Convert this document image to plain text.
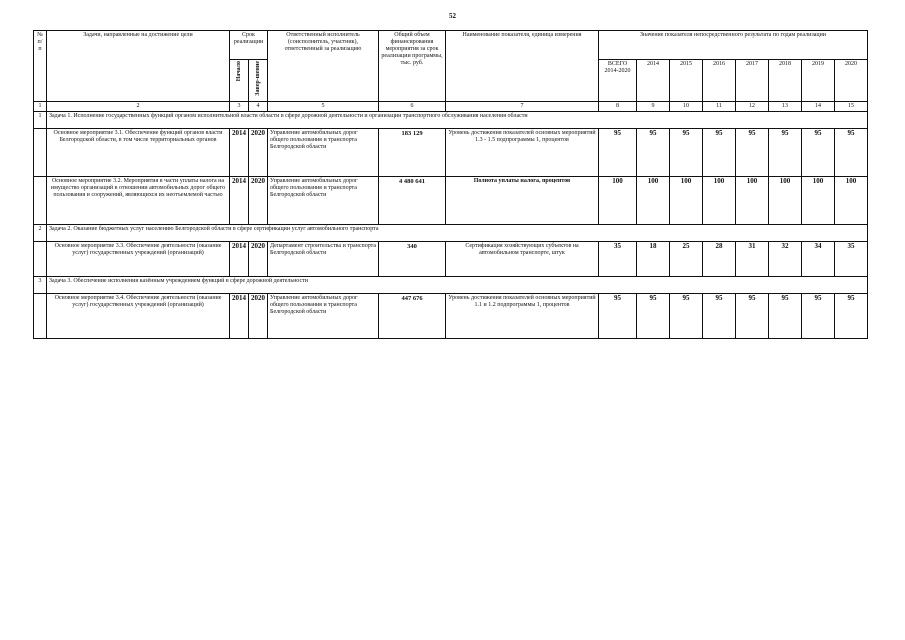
52
№ п/п	Задачи, направленные на достижение цели	Срок реализации		Ответственный исполнитель (соисполнитель, участник), ответственный за реализацию	Общий объем финансирования мероприятия за срок реализации программы, тыс. руб.	Наименование показателя, единица измерения	Значение показателя непосредственного результата по годам реализации							
		Начало	Завер-шение				ВСЕГО 2014-2020	2014	2015	2016	2017	2018	2019	2020
1	2	3	4	5	6	7	8	9	10	11	12	13	14	15
1	Задача 1. Исполнение государственных функций органом исполнительной власти области в сфере дорожной деятельности и организации транспортного обслуживания населения области													
	Основное мероприятие 3.1. Обеспечение функций органов власти Белгородской области, в том числе территориальных органов	2014	2020	Управление автомобильных дорог общего пользования и транспорта Белгородской области	183 129	Уровень достижения показателей основных мероприятий 1.3 - 1.5 подпрограммы 1, процентов	95	95	95	95	95	95	95	95
	Основное мероприятие 3.2. Мероприятия в части уплаты налога на имущество организаций в отношении автомобильных дорог общего пользования и сооружений, являющихся их неотъемлемой частью	2014	2020	Управление автомобильных дорог общего пользования и транспорта Белгородской области	4 480 641	Полнота уплаты налога, процентов	100	100	100	100	100	100	100	100
2	Задача 2. Оказание бюджетных услуг населению Белгородской области в сфере сертификации услуг автомобильного транспорта													
	Основное мероприятие 3.3. Обеспечение деятельности (оказание услуг) государственных учреждений (организаций)	2014	2020	Департамент строительства и транспорта Белгородской области	340	Сертификация хозяйствующих субъектов на автомобильном транспорте, штук	35	18	25	28	31	32	34	35
3	Задача 3. Обеспечение исполнения казённым учреждением функций в сфере дорожной деятельности													
	Основное мероприятие 3.4. Обеспечение деятельности (оказание услуг) государственных учреждений (организаций)	2014	2020	Управление автомобильных дорог общего пользования и транспорта Белгородской области	447 676	Уровень достижения показателей основных мероприятий 1.1 и 1.2 подпрограммы 1, процентов	95	95	95	95	95	95	95	95
